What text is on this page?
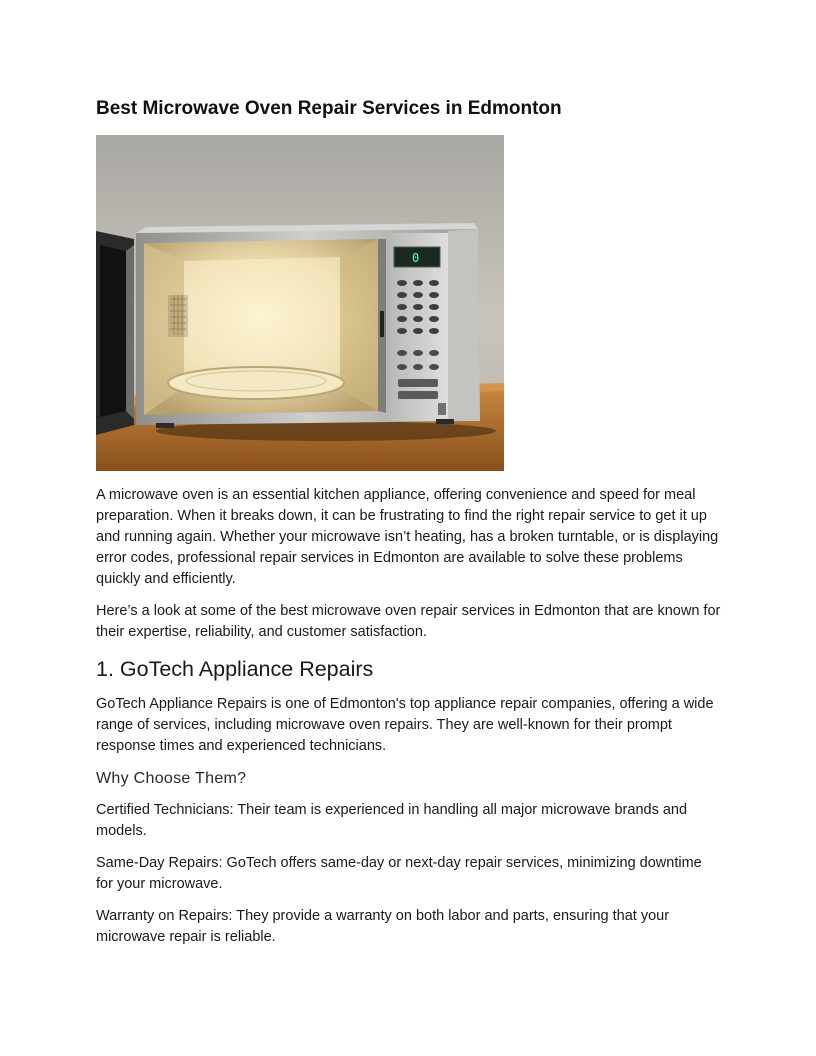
Best Microwave Oven Repair Services in Edmonton
0

A microwave oven is an essential kitchen appliance, offering convenience and speed for meal preparation. When it breaks down, it can be frustrating to find the right repair service to get it up and running again. Whether your microwave isn’t heating, has a broken turntable, or is displaying error codes, professional repair services in Edmonton are available to solve these problems quickly and efficiently.

Here’s a look at some of the best microwave oven repair services in Edmonton that are known for their expertise, reliability, and customer satisfaction.

1. GoTech Appliance Repairs

GoTech Appliance Repairs is one of Edmonton's top appliance repair companies, offering a wide range of services, including microwave oven repairs. They are well-known for their prompt response times and experienced technicians.

Why Choose Them?

Certified Technicians: Their team is experienced in handling all major microwave brands and models.

Same-Day Repairs: GoTech offers same-day or next-day repair services, minimizing downtime for your microwave.

Warranty on Repairs: They provide a warranty on both labor and parts, ensuring that your microwave repair is reliable.
